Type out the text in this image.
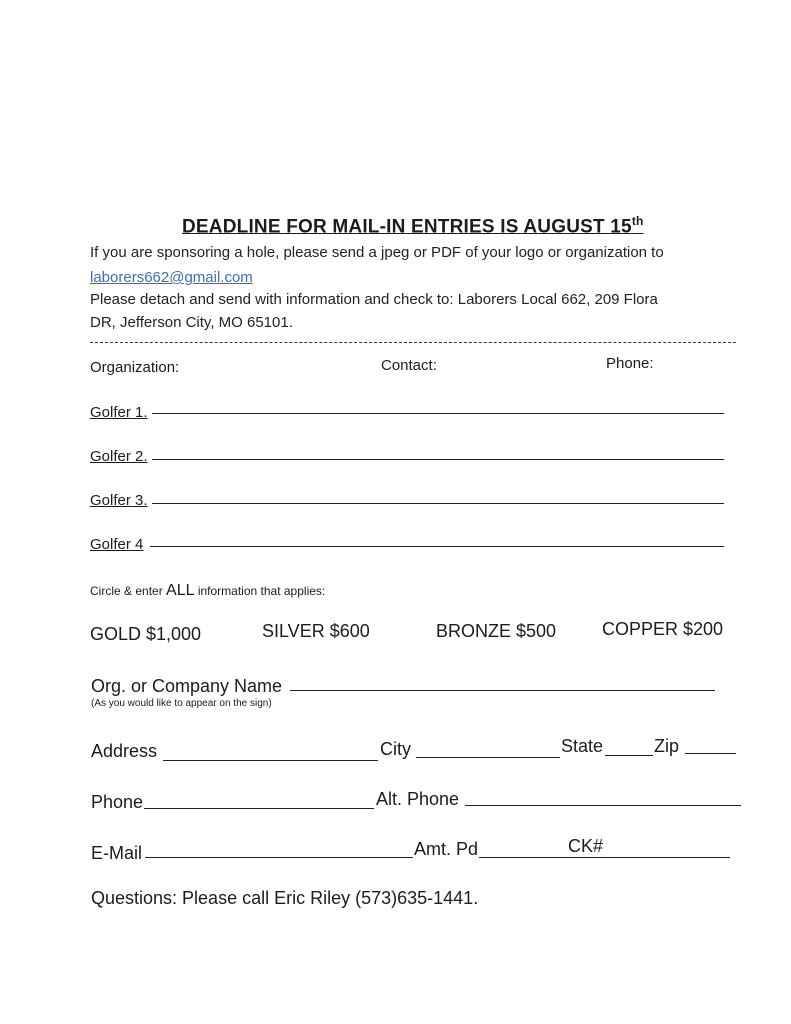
DEADLINE FOR MAIL-IN ENTRIES IS AUGUST 15th
If you are sponsoring a hole, please send a jpeg or PDF of your logo or organization to
laborers662@gmail.com
Please detach and send with information and check to: Laborers Local 662, 209 Flora
DR, Jefferson City, MO 65101.
Organization:	Contact:	Phone:
Golfer 1.
Golfer 2.
Golfer 3.
Golfer 4
Circle & enter ALL information that applies:
GOLD $1,000	SILVER $600	BRONZE $500	COPPER $200
Org. or Company Name
(As you would like to appear on the sign)
Address	City	State	Zip
Phone	Alt. Phone
E-Mail	Amt. Pd	CK#
Questions: Please call Eric Riley (573)635-1441.
